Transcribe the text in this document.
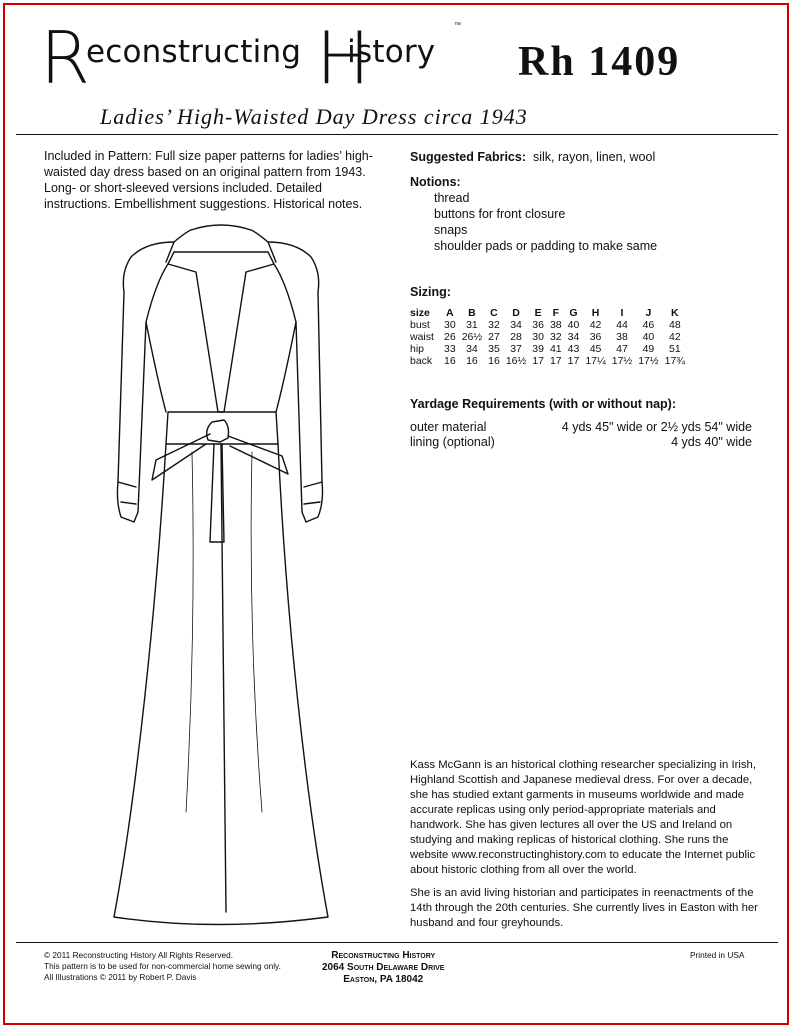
R	H
econstructing istory
™
Rh 1409
Ladies’ High-Waisted Day Dress circa 1943
Included in Pattern: Full size paper patterns for ladies’ high-waisted day dress based on an original pattern from 1943. Long- or short-sleeved versions included. Detailed instructions. Embellishment suggestions. Historical notes.
Suggested Fabrics: silk, rayon, linen, wool
Notions:
thread
buttons for front closure
snaps
shoulder pads or padding to make same
Sizing:
size	A	B	C	D	E	F	G	H	I	J	K
bust	30	31	32	34	36	38	40	42	44	46	48
waist	26	26½	27	28	30	32	34	36	38	40	42
hip	33	34	35	37	39	41	43	45	47	49	51
back	16	16	16	16½	17	17	17	17¼	17½	17½	17¾
Yardage Requirements (with or without nap):
outer material	4 yds 45" wide or 2½ yds 54" wide
lining (optional)	4 yds 40" wide

Kass McGann is an historical clothing researcher specializing in Irish, Highland Scottish and Japanese medieval dress. For over a decade, she has studied extant garments in museums worldwide and made accurate replicas using only period-appropriate materials and handwork. She has given lectures all over the US and Ireland on studying and making replicas of historical clothing. She runs the website www.reconstructinghistory.com to educate the Internet public about historic clothing from all over the world.

She is an avid living historian and participates in reenactments of the 14th through the 20th centuries. She currently lives in Easton with her husband and four greyhounds.

© 2011 Reconstructing History All Rights Reserved.
This pattern is to be used for non-commercial home sewing only.
All Illustrations © 2011 by Robert P. Davis
Reconstructing History
2064 South Delaware Drive
Easton, PA 18042
Printed in USA
